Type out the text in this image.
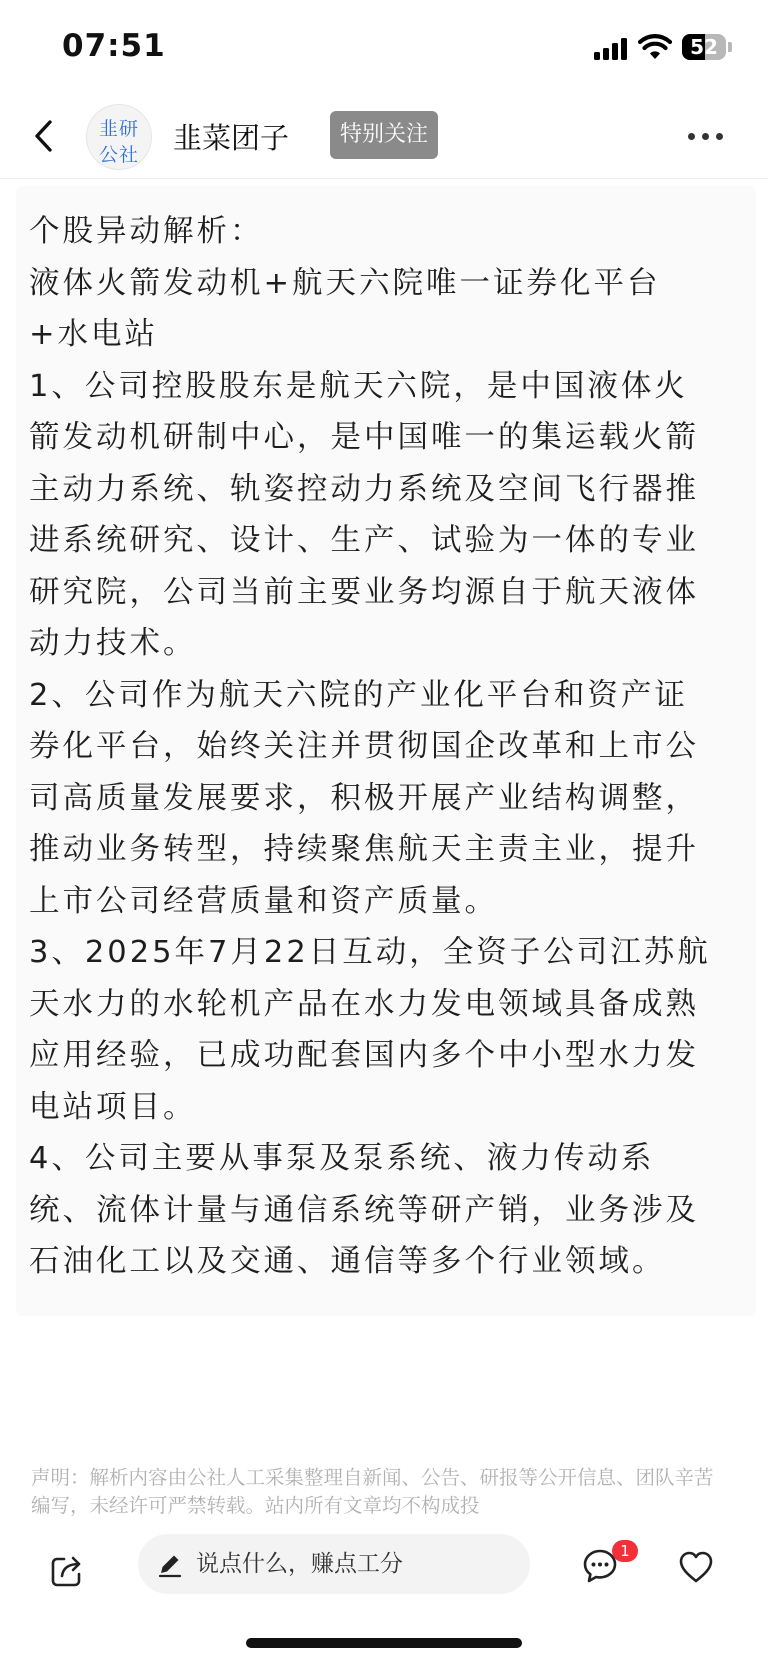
07:51	52
韭研
公社	韭菜团子	特别关注

个股异动解析：
液体火箭发动机+航天六院唯一证券化平台
+水电站
1、公司控股股东是航天六院，是中国液体火
箭发动机研制中心，是中国唯一的集运载火箭
主动力系统、轨姿控动力系统及空间飞行器推
进系统研究、设计、生产、试验为一体的专业
研究院，公司当前主要业务均源自于航天液体
动力技术。
2、公司作为航天六院的产业化平台和资产证
券化平台，始终关注并贯彻国企改革和上市公
司高质量发展要求，积极开展产业结构调整，
推动业务转型，持续聚焦航天主责主业，提升
上市公司经营质量和资产质量。
3、2025年7月22日互动，全资子公司江苏航
天水力的水轮机产品在水力发电领域具备成熟
应用经验，已成功配套国内多个中小型水力发
电站项目。
4、公司主要从事泵及泵系统、液力传动系
统、流体计量与通信系统等研产销，业务涉及
石油化工以及交通、通信等多个行业领域。

声明：解析内容由公社人工采集整理自新闻、公告、研报等公开信息、团队辛苦编写，未经许可严禁转载。站内所有文章均不构成投
说点什么，赚点工分	1
